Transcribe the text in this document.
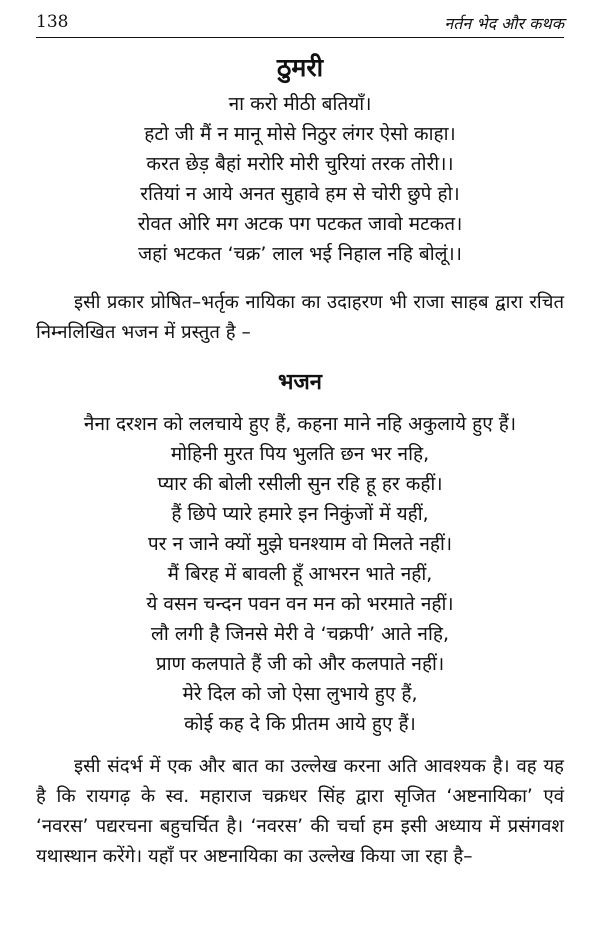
138	नर्तन भेद और कथक
ठुमरी
ना करो मीठी बतियाँ।
हटो जी मैं न मानू मोसे निठुर लंगर ऐसो काहा।
करत छेड़ बैहां मरोरि मोरी चुरियां तरक तोरी।।
रतियां न आये अनत सुहावे हम से चोरी छुपे हो।
रोवत ओरि मग अटक पग पटकत जावो मटकत।
जहां भटकत ‘चक्र’ लाल भई निहाल नहि बोलूं।।

इसी प्रकार प्रोषित–भर्तृक नायिका का उदाहरण भी राजा साहब द्वारा रचित निम्नलिखित भजन में प्रस्तुत है –

भजन
नैना दरशन को ललचाये हुए हैं, कहना माने नहि अकुलाये हुए हैं।
मोहिनी मुरत पिय भुलति छन भर नहि,
प्यार की बोली रसीली सुन रहि हू हर कहीं।
हैं छिपे प्यारे हमारे इन निकुंजों में यहीं,
पर न जाने क्यों मुझे घनश्याम वो मिलते नहीं।
मैं बिरह में बावली हूँ आभरन भाते नहीं,
ये वसन चन्दन पवन वन मन को भरमाते नहीं।
लौ लगी है जिनसे मेरी वे ‘चक्रपी’ आते नहि,
प्राण कलपाते हैं जी को और कलपाते नहीं।
मेरे दिल को जो ऐसा लुभाये हुए हैं,
कोई कह दे कि प्रीतम आये हुए हैं।

इसी संदर्भ में एक और बात का उल्लेख करना अति आवश्यक है। वह यह है कि रायगढ़ के स्व. महाराज चक्रधर सिंह द्वारा सृजित ‘अष्टनायिका’ एवं ‘नवरस’ पद्यरचना बहुचर्चित है। ‘नवरस’ की चर्चा हम इसी अध्याय में प्रसंगवश यथास्थान करेंगे। यहाँ पर अष्टनायिका का उल्लेख किया जा रहा है–
